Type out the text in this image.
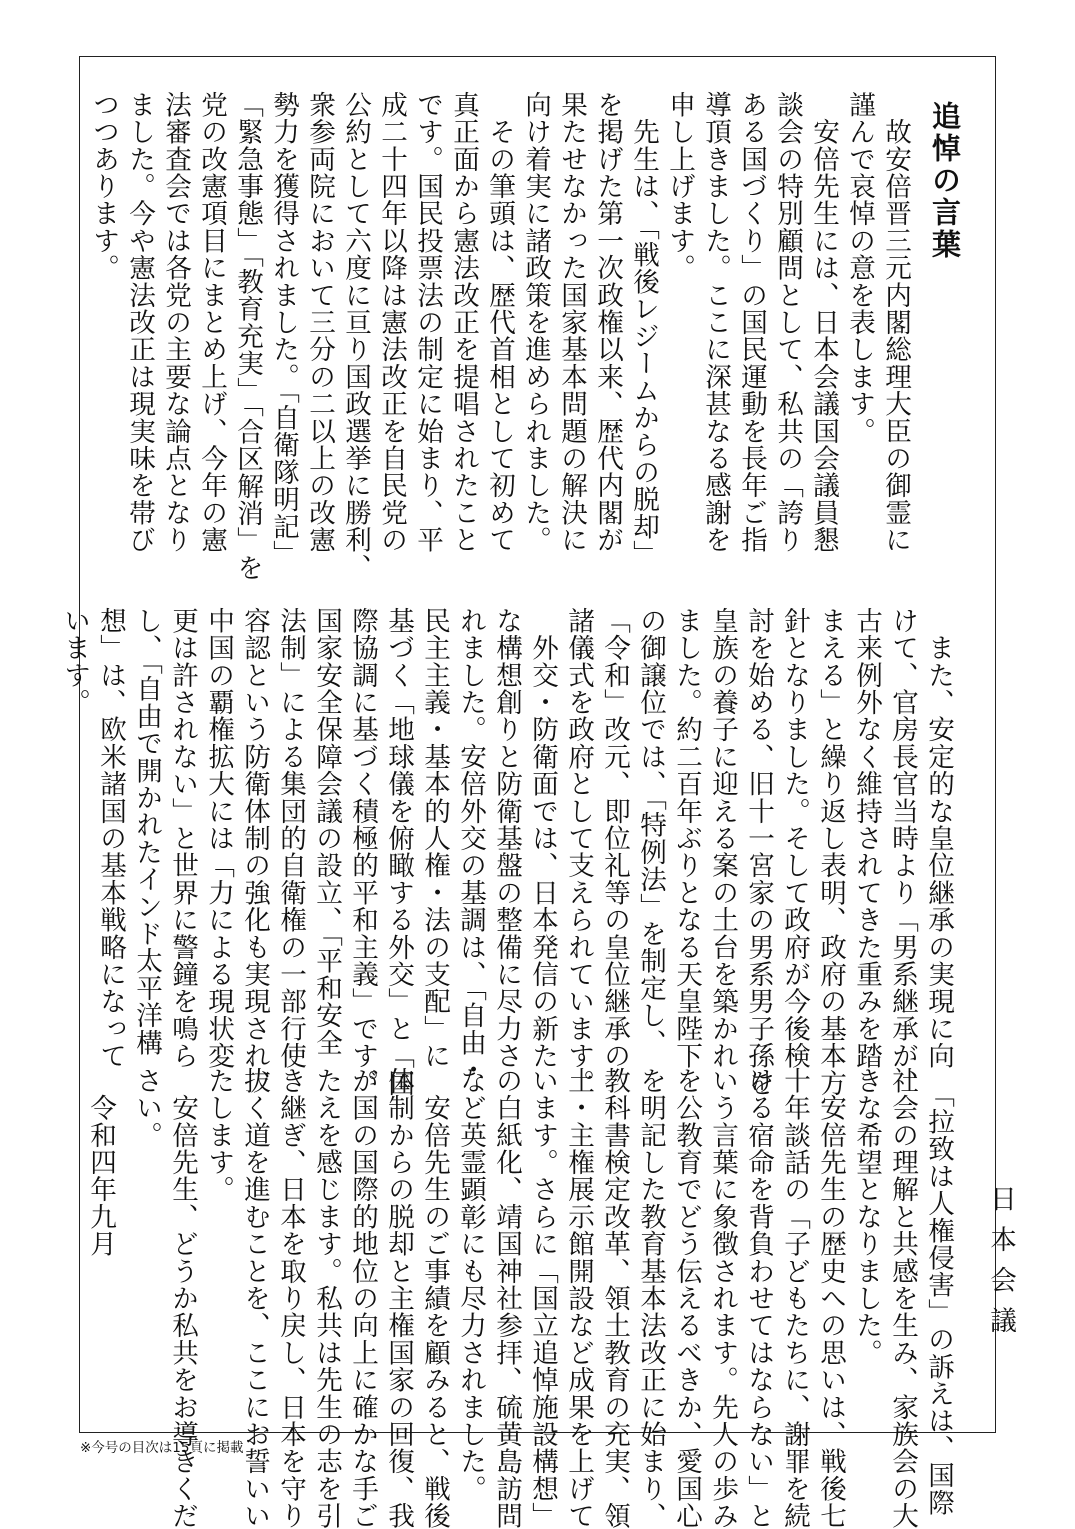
追悼の言葉

　故安倍晋三元内閣総理大臣の御霊に

謹んで哀悼の意を表します。

　安倍先生には、日本会議国会議員懇

談会の特別顧問として、私共の「誇り

ある国づくり」の国民運動を長年ご指

導頂きました。ここに深甚なる感謝を

申し上げます。

　先生は、「戦後レジームからの脱却」

を掲げた第一次政権以来、歴代内閣が

果たせなかった国家基本問題の解決に

向け着実に諸政策を進められました。

　その筆頭は、歴代首相として初めて

真正面から憲法改正を提唱されたこと

です。国民投票法の制定に始まり、平

成二十四年以降は憲法改正を自民党の

公約として六度に亘り国政選挙に勝利、

衆参両院において三分の二以上の改憲

勢力を獲得されました。「自衛隊明記」

「緊急事態」「教育充実」「合区解消」を

党の改憲項目にまとめ上げ、今年の憲

法審査会では各党の主要な論点となり

ました。今や憲法改正は現実味を帯び

つつあります。

　また、安定的な皇位継承の実現に向

けて、官房長官当時より「男系継承が、

古来例外なく維持されてきた重みを踏

まえる」と繰り返し表明、政府の基本方

針となりました。そして政府が今後検

討を始める、旧十一宮家の男系男子孫を

皇族の養子に迎える案の土台を築かれ

ました。約二百年ぶりとなる天皇陛下

の御譲位では、「特例法」を制定し、

「令和」改元、即位礼等の皇位継承の

諸儀式を政府として支えられています。

　外交・防衛面では、日本発信の新た

な構想創りと防衛基盤の整備に尽力さ

れました。安倍外交の基調は、「自由・

民主主義・基本的人権・法の支配」に

基づく「地球儀を俯瞰する外交」と「国

際協調に基づく積極的平和主義」です。

国家安全保障会議の設立、「平和安全

法制」による集団的自衛権の一部行使

容認という防衛体制の強化も実現され、

中国の覇権拡大には「力による現状変

更は許されない」と世界に警鐘を鳴ら

し、「自由で開かれたインド太平洋構

想」は、欧米諸国の基本戦略になって

います。

　「拉致は人権侵害」の訴えは、国際

社会の理解と共感を生み、家族会の大

きな希望となりました。

　安倍先生の歴史への思いは、戦後七

十年談話の「子どもたちに、謝罪を続

ける宿命を背負わせてはならない」と

いう言葉に象徴されます。先人の歩み

を公教育でどう伝えるべきか、愛国心

を明記した教育基本法改正に始まり、

教科書検定改革、領土教育の充実、領

土・主権展示館開設など成果を上げて

います。さらに「国立追悼施設構想」

の白紙化、靖国神社参拝、硫黄島訪問

など英霊顕彰にも尽力されました。

　安倍先生のご事績を顧みると、戦後

体制からの脱却と主権国家の回復、我

が国の国際的地位の向上に確かな手ご

たえを感じます。私共は先生の志を引

き継ぎ、日本を取り戻し、日本を守り

抜く道を進むことを、ここにお誓いい

たします。

　安倍先生、どうか私共をお導きくだ

さい。

　令和四年九月

日本会議
※今号の目次は15頁に掲載
